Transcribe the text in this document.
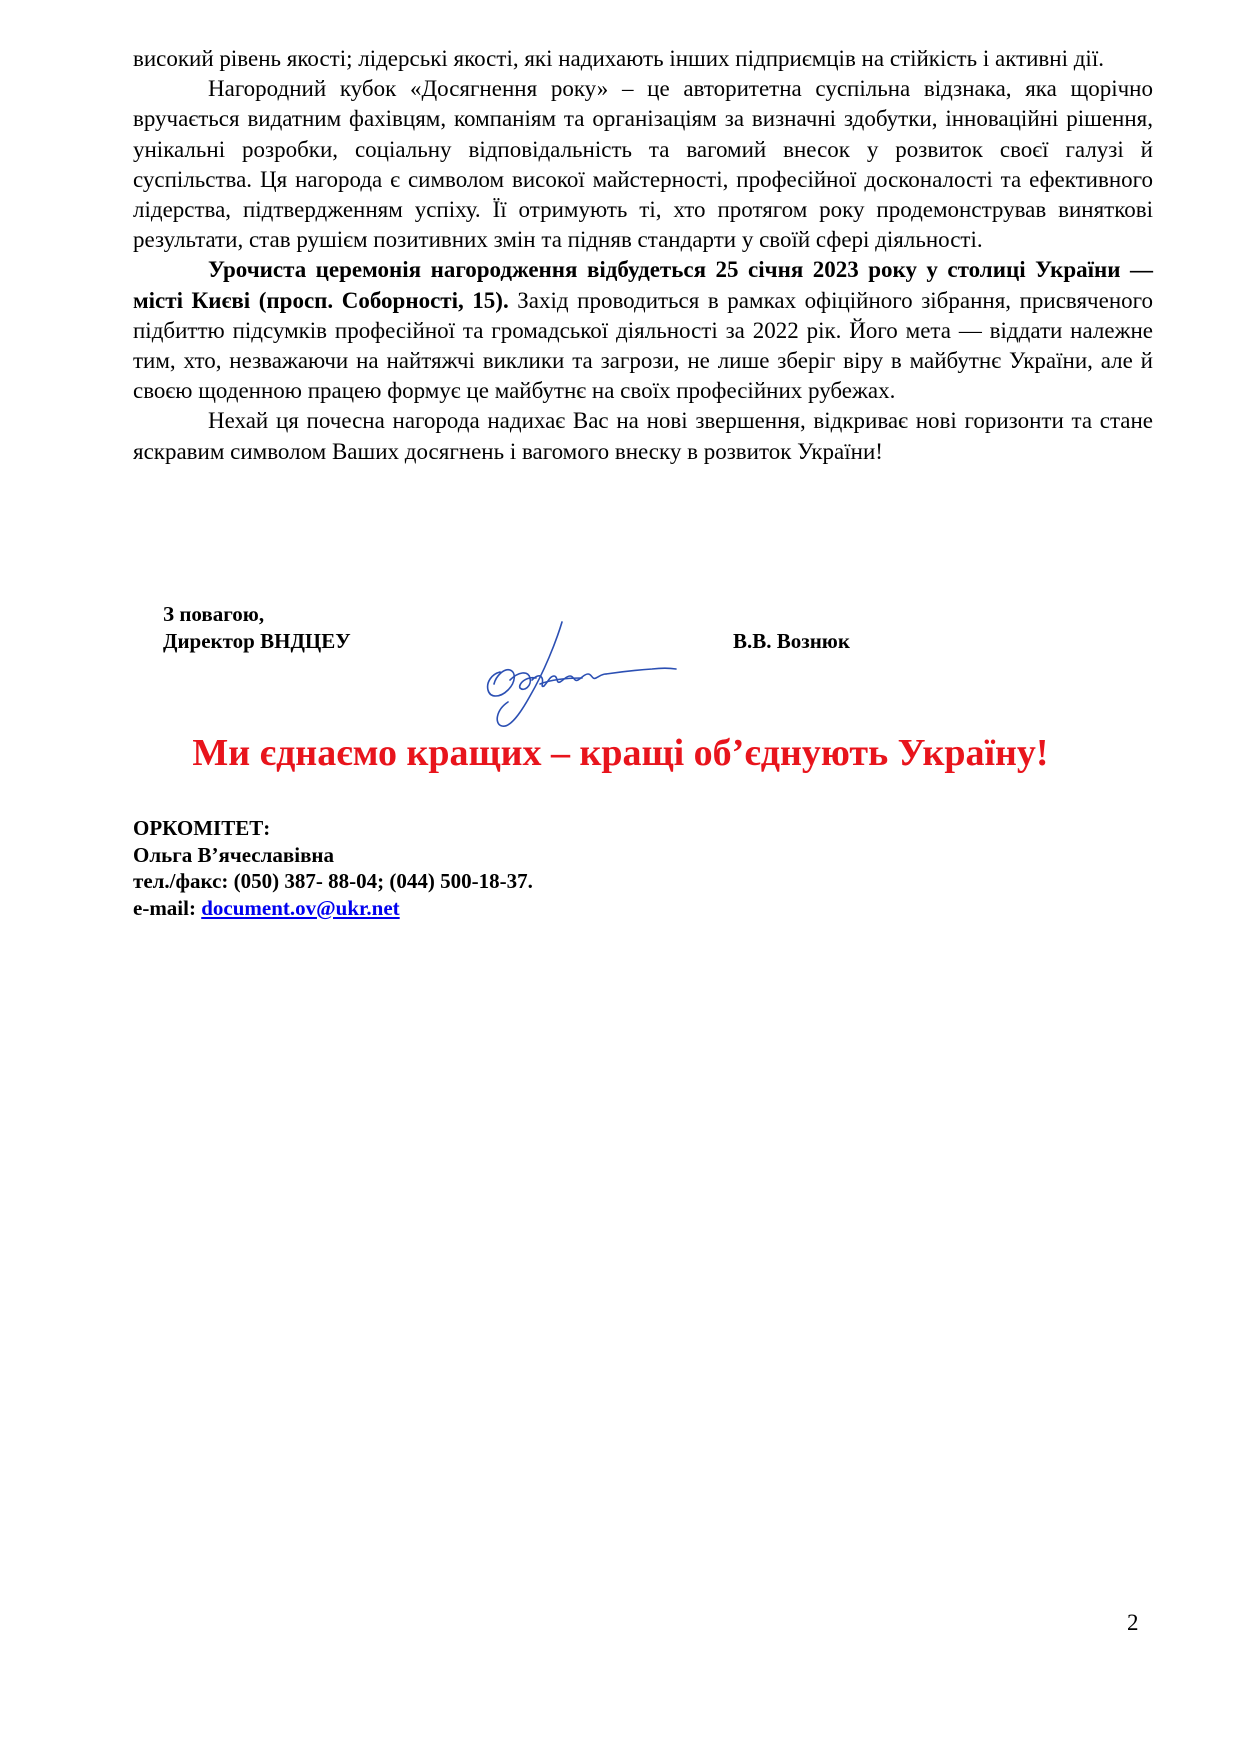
високий рівень якості; лідерські якості, які надихають інших підприємців на стійкість і активні дії.

Нагородний кубок «Досягнення року» – це авторитетна суспільна відзнака, яка щорічно вручається видатним фахівцям, компаніям та організаціям за визначні здобутки, інноваційні рішення, унікальні розробки, соціальну відповідальність та вагомий внесок у розвиток своєї галузі й суспільства. Ця нагорода є символом високої майстерності, професійної досконалості та ефективного лідерства, підтвердженням успіху. Її отримують ті, хто протягом року продемонстрував виняткові результати, став рушієм позитивних змін та підняв стандарти у своїй сфері діяльності.

Урочиста церемонія нагородження відбудеться 25 січня 2023 року у столиці України — місті Києві (просп. Соборності, 15). Захід проводиться в рамках офіційного зібрання, присвяченого підбиттю підсумків професійної та громадської діяльності за 2022 рік. Його мета — віддати належне тим, хто, незважаючи на найтяжчі виклики та загрози, не лише зберіг віру в майбутнє України, але й своєю щоденною працею формує це майбутнє на своїх професійних рубежах.

Нехай ця почесна нагорода надихає Вас на нові звершення, відкриває нові горизонти та стане яскравим символом Ваших досягнень і вагомого внеску в розвиток України!

З повагою,
Директор ВНДЦЕУ	В.В. Вознюк
Ми єднаємо кращих – кращі об’єднують Україну!
ОРКОМІТЕТ:
Ольга В’ячеславівна
тел./факс: (050) 387- 88-04; (044) 500-18-37.
e-mail: document.ov@ukr.net
2
